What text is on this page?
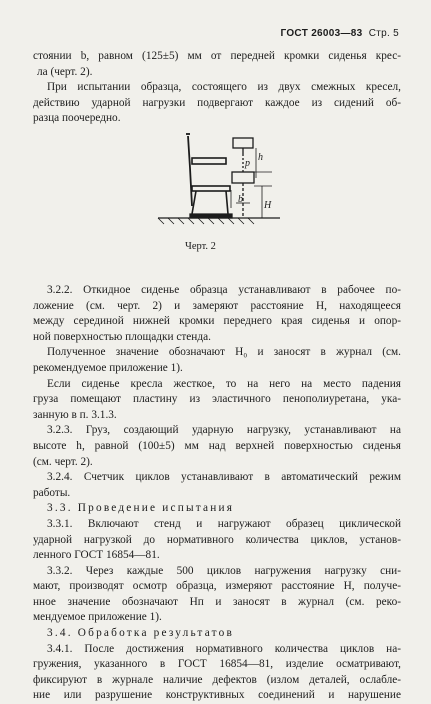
ГОСТ 26003—83 Стр. 5
стоянии b, равном (125±5) мм от передней кромки сиденья крес-
ла (черт. 2).
При испытании образца, состоящего из двух смежных кресел,
действию ударной нагрузки подвергают каждое из сидений об-
разца поочередно.
p
h
H
b
Черт. 2
3.2.2. Откидное сиденье образца устанавливают в рабочее по-
ложение (см. черт. 2) и замеряют расстояние H, находящееся
между серединой нижней кромки переднего края сиденья и опор-
ной поверхностью площадки стенда.
Полученное значение обозначают H₀ и заносят в журнал (см.
рекомендуемое приложение 1).
Если сиденье кресла жесткое, то на него на место падения
груза помещают пластину из эластичного пенополиуретана, ука-
занную в п. 3.1.3.
3.2.3. Груз, создающий ударную нагрузку, устанавливают на
высоте h, равной (100±5) мм над верхней поверхностью сиденья
(см. черт. 2).
3.2.4. Счетчик циклов устанавливают в автоматический режим
работы.
3.3. Проведение испытания
3.3.1. Включают стенд и нагружают образец циклической
ударной нагрузкой до нормативного количества циклов, установ-
ленного ГОСТ 16854—81.
3.3.2. Через каждые 500 циклов нагружения нагрузку сни-
мают, производят осмотр образца, измеряют расстояние H, получе-
нное значение обозначают Hп и заносят в журнал (см. реко-
мендуемое приложение 1).
3.4. Обработка результатов
3.4.1. После достижения нормативного количества циклов на-
гружения, указанного в ГОСТ 16854—81, изделие осматривают,
фиксируют в журнале наличие дефектов (излом деталей, ослабле-
ние или разрушение конструктивных соединений и нарушение
